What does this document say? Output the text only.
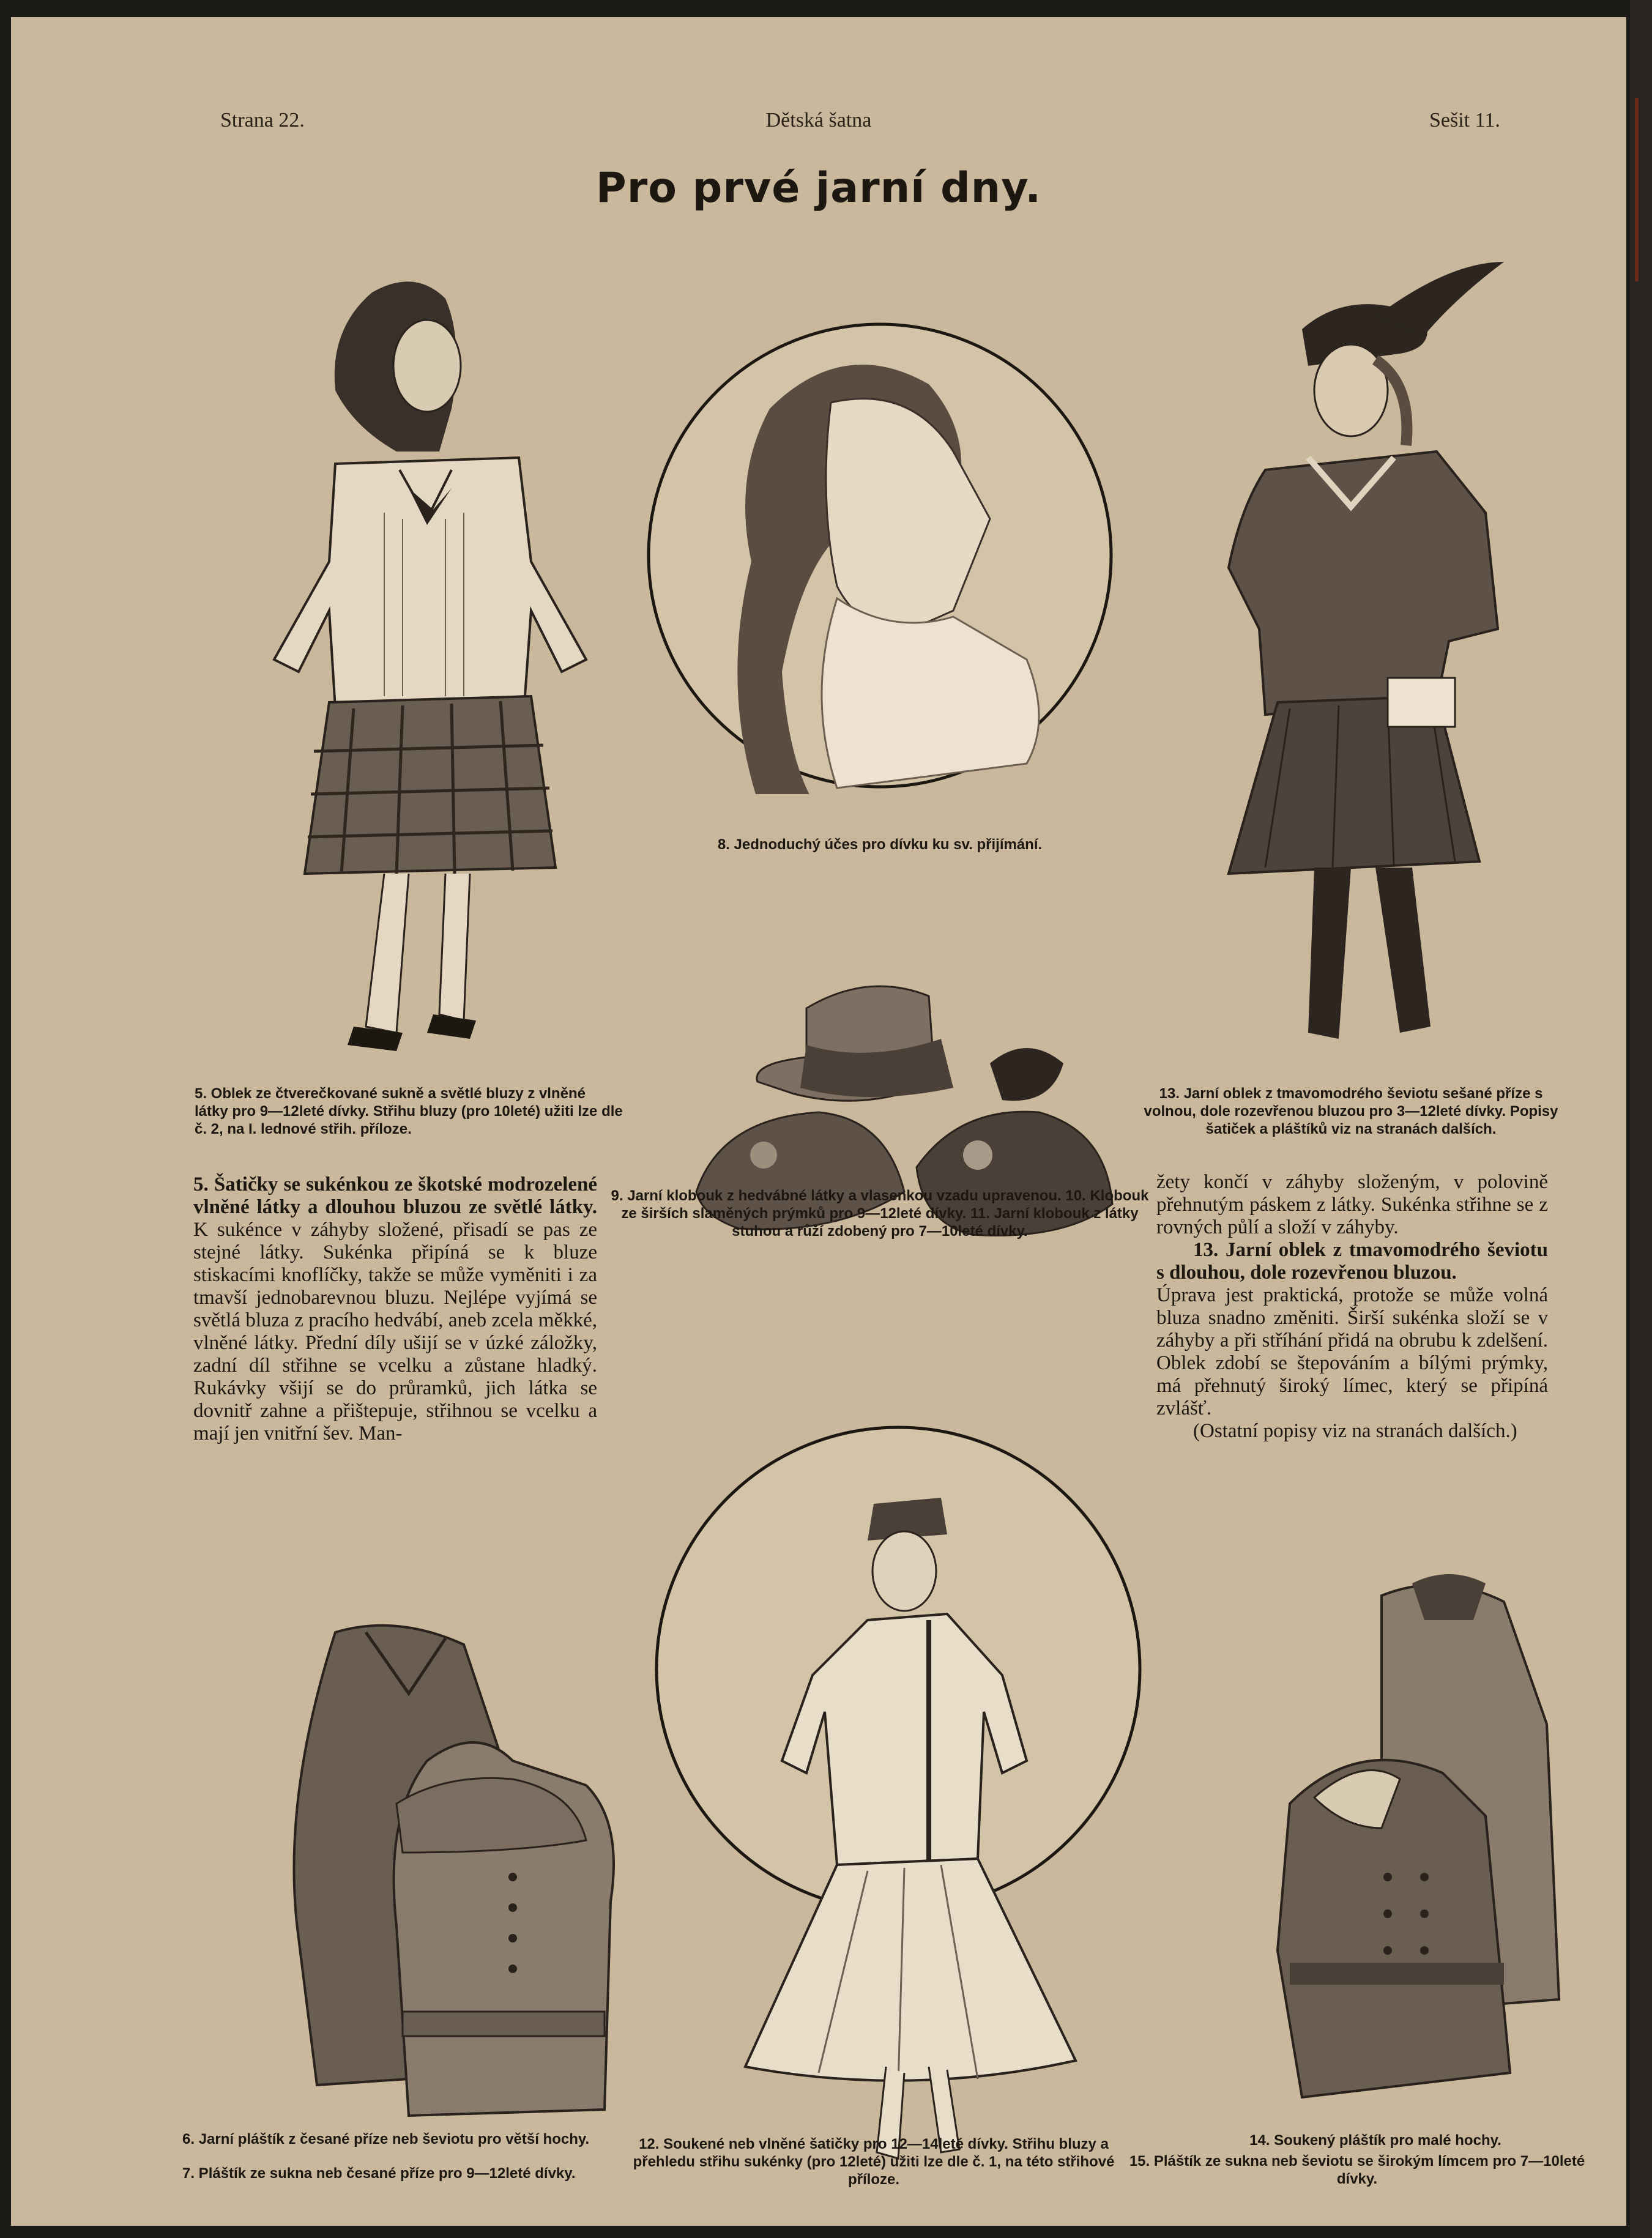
Strana 22.	Dětská šatna	Sešit 11.
Pro prvé jarní dny.
5. Oblek ze čtverečkované sukně a světlé bluzy z vlněné látky pro 9—12leté dívky. Střihu bluzy (pro 10leté) užiti lze dle č. 2, na I. lednové střih. příloze.
8. Jednoduchý účes pro dívku ku sv. přijímání.
13. Jarní oblek z tmavomodrého ševiotu sešané příze s volnou, dole rozevřenou bluzou pro 3—12leté dívky. Popisy šatiček a pláštíků viz na stranách dalších.
9. Jarní klobouk z hedvábné látky a vlasenkou vzadu upravenou. 10. Klobouk ze širších slaměných prýmků pro 9—12leté dívky. 11. Jarní klobouk z látky stuhou a růží zdobený pro 7—10leté dívky.
5. Šatičky se sukénkou ze škotské modrozelené vlněné látky a dlouhou bluzou ze světlé látky. K sukénce v záhyby složené, přisadí se pas ze stejné látky. Sukénka připíná se k bluze stiskacími knoflíčky, takže se může vyměniti i za tmavší jednobarevnou bluzu. Nejlépe vyjímá se světlá bluza z pracího hedvábí, aneb zcela měkké, vlněné látky. Přední díly ušijí se v úzké záložky, zadní díl střihne se vcelku a zůstane hladký. Rukávky všijí se do průramků, jich látka se dovnitř zahne a přištepuje, střihnou se vcelku a mají jen vnitřní šev. Man-
žety končí v záhyby složeným, v polovině přehnutým páskem z látky. Sukénka střihne se z rovných půlí a složí v záhyby.
13. Jarní oblek z tmavomodrého ševiotu s dlouhou, dole rozevřenou bluzou.
Úprava jest praktická, protože se může volná bluza snadno změniti. Širší sukénka složí se v záhyby a při stříhání přidá na obrubu k zdelšení. Oblek zdobí se štepováním a bílými prýmky, má přehnutý široký límec, který se připíná zvlášť.
(Ostatní popisy viz na stranách dalších.)
6. Jarní pláštík z česané příze neb ševiotu pro větší hochy.
7. Pláštík ze sukna neb česané příze pro 9—12leté dívky.
12. Soukené neb vlněné šatičky pro 12—14leté dívky. Střihu bluzy a přehledu střihu sukénky (pro 12leté) užiti lze dle č. 1, na této střihové příloze.
14. Soukený pláštík pro malé hochy.
15. Pláštík ze sukna neb ševiotu se širokým límcem pro 7—10leté dívky.
